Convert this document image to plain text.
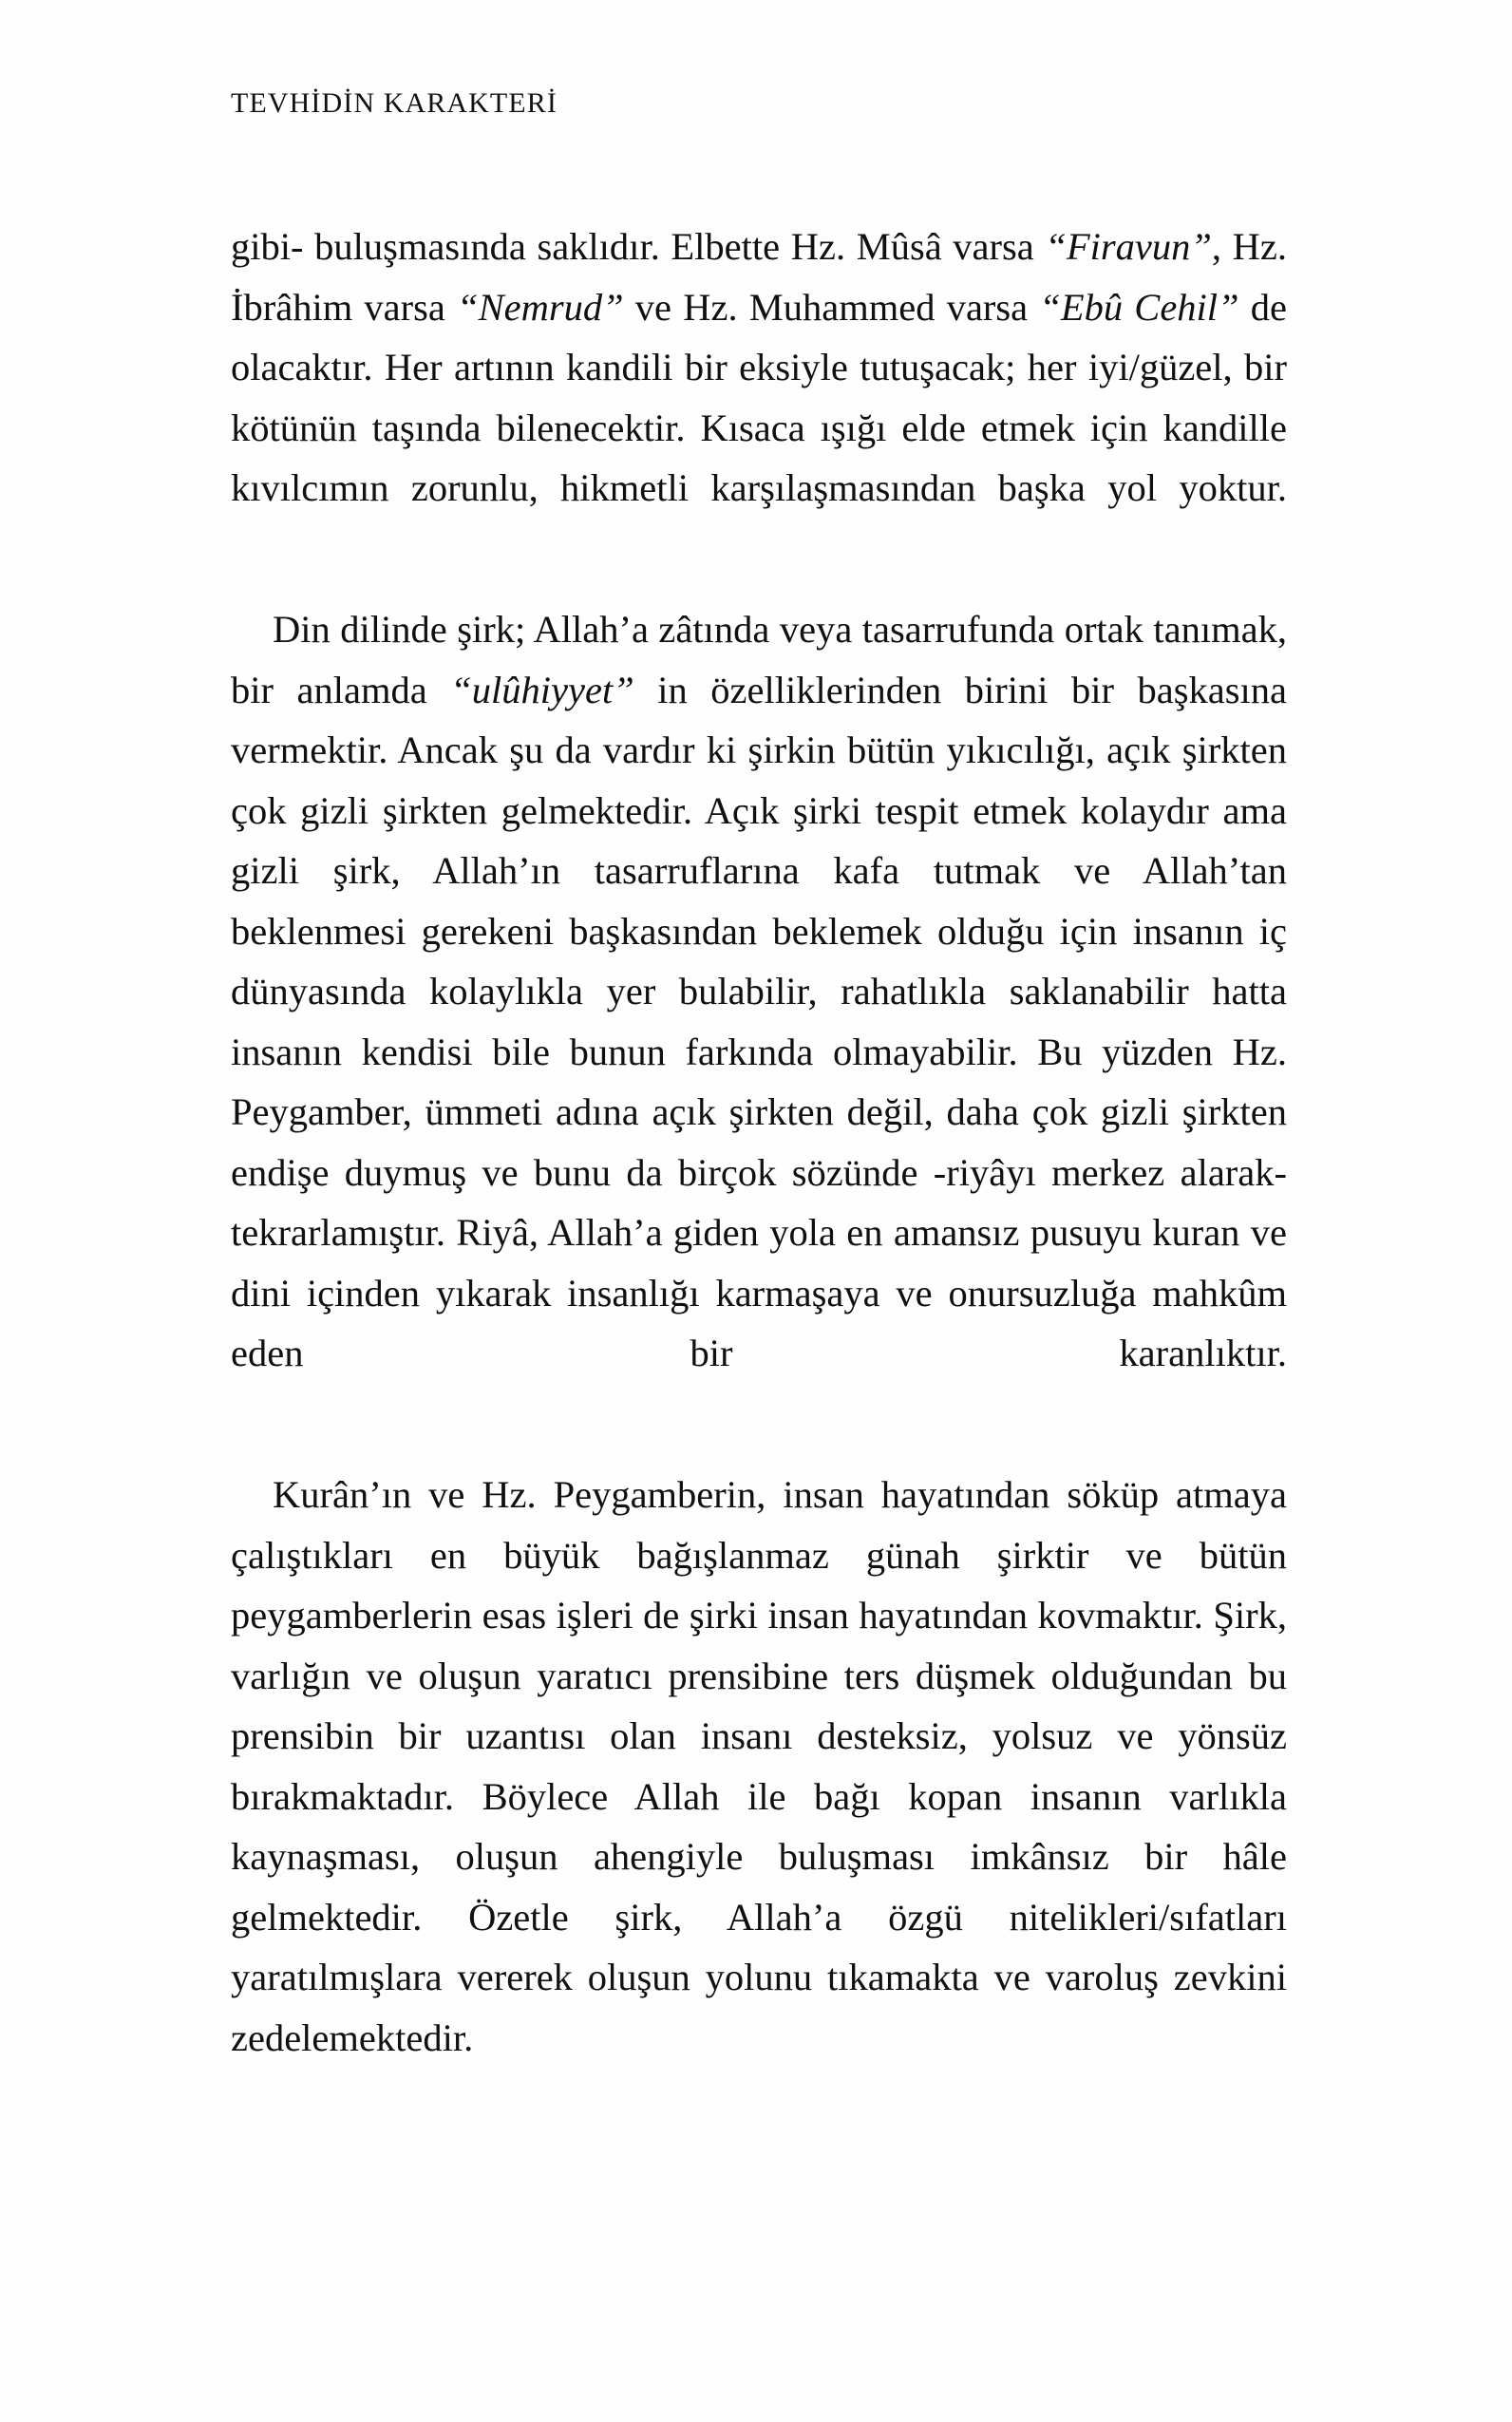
TEVHİDİN KARAKTERİ

gibi- buluşmasında saklıdır. Elbette Hz. Mûsâ varsa “Firavun”, Hz. İbrâhim varsa “Nemrud” ve Hz. Muhammed varsa “Ebû Cehil” de olacaktır. Her artının kandili bir eksiyle tutuşacak; her iyi/güzel, bir kötünün taşında bilenecektir. Kısaca ışığı elde etmek için kandille kıvılcımın zorunlu, hikmetli karşılaşmasından başka yol yoktur.

Din dilinde şirk; Allah’a zâtında veya tasarrufunda ortak tanımak, bir anlamda “ulûhiyyet” in özelliklerinden birini bir başkasına vermektir. Ancak şu da vardır ki şirkin bütün yıkıcılığı, açık şirkten çok gizli şirkten gelmektedir. Açık şirki tespit etmek kolaydır ama gizli şirk, Allah’ın tasarruflarına kafa tutmak ve Allah’tan beklenmesi gerekeni başkasından beklemek olduğu için insanın iç dünyasında kolaylıkla yer bulabilir, rahatlıkla saklanabilir hatta insanın kendisi bile bunun farkında olmayabilir. Bu yüzden Hz. Peygamber, ümmeti adına açık şirkten değil, daha çok gizli şirkten endişe duymuş ve bunu da birçok sözünde -riyâyı merkez alarak- tekrarlamıştır. Riyâ, Allah’a giden yola en amansız pusuyu kuran ve dini içinden yıkarak insanlığı karmaşaya ve onursuzluğa mahkûm eden bir karanlıktır.

Kurân’ın ve Hz. Peygamberin, insan hayatından söküp atmaya çalıştıkları en büyük bağışlanmaz günah şirktir ve bütün peygamberlerin esas işleri de şirki insan hayatından kovmaktır. Şirk, varlığın ve oluşun yaratıcı prensibine ters düşmek olduğundan bu prensibin bir uzantısı olan insanı desteksiz, yolsuz ve yönsüz bırakmaktadır. Böylece Allah ile bağı kopan insanın varlıkla kaynaşması, oluşun ahengiyle buluşması imkânsız bir hâle gelmektedir. Özetle şirk, Allah’a özgü nitelikleri/sıfatları yaratılmışlara vererek oluşun yolunu tıkamakta ve varoluş zevkini zedelemektedir.
